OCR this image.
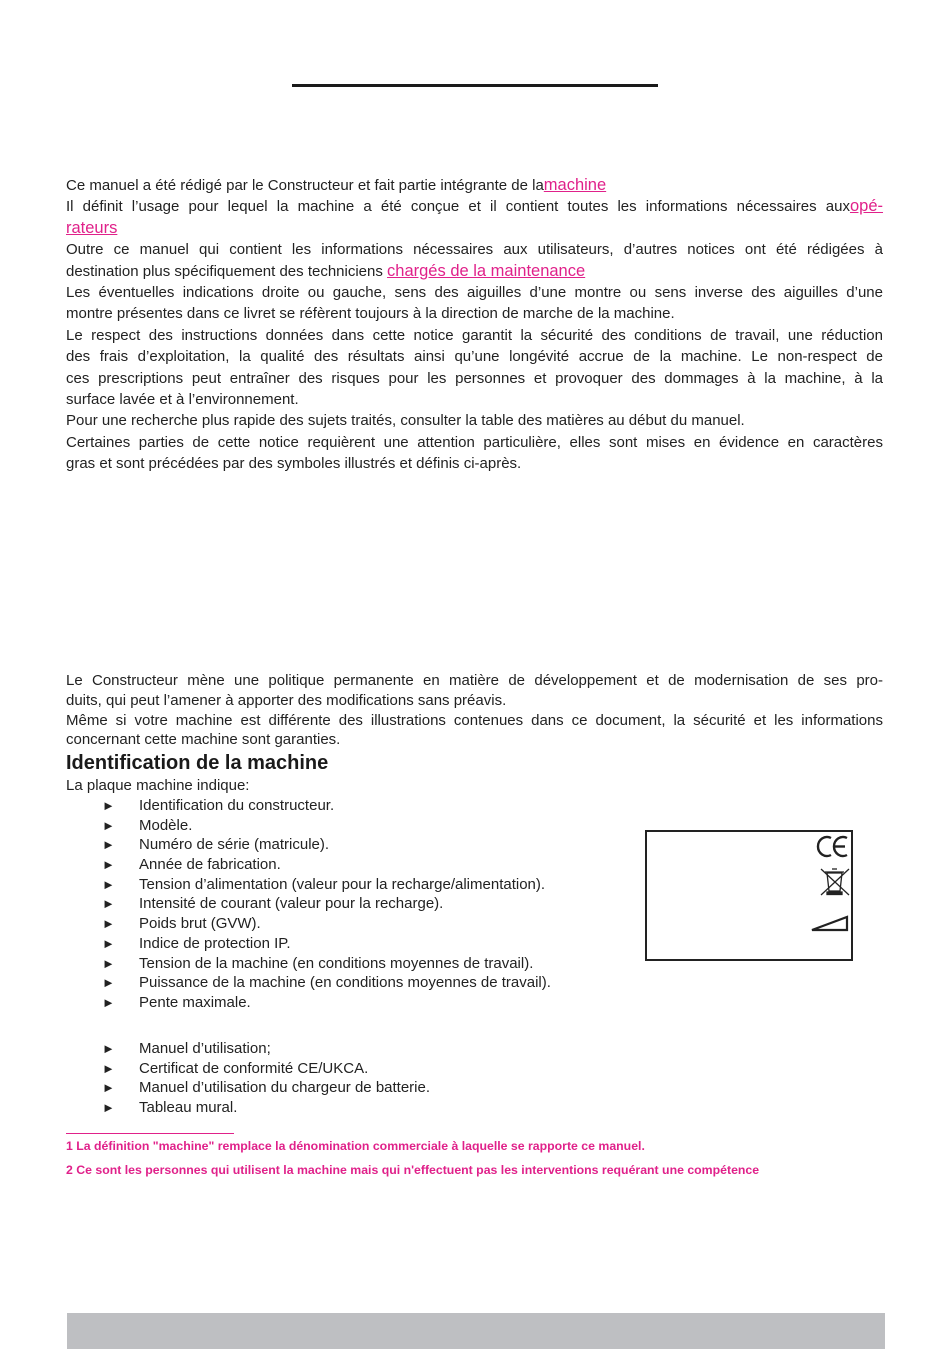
Ce manuel a été rédigé par le Constructeur et fait partie intégrante de lamachine
Il définit l’usage pour lequel la machine a été conçue et il contient toutes les informations nécessaires auxopé-
rateurs
Outre ce manuel qui contient les informations nécessaires aux utilisateurs, d’autres notices ont été rédigées à
destination plus spécifiquement des techniciens chargés de la maintenance
Les éventuelles indications droite ou gauche, sens des aiguilles d’une montre ou sens inverse des aiguilles d’une
montre présentes dans ce livret se réfèrent toujours à la direction de marche de la machine.
Le respect des instructions données dans cette notice garantit la sécurité des conditions de travail, une réduction
des frais d’exploitation, la qualité des résultats ainsi qu’une longévité accrue de la machine. Le non-respect de
ces prescriptions peut entraîner des risques pour les personnes et provoquer des dommages à la machine, à la
surface lavée et à l’environnement.
Pour une recherche plus rapide des sujets traités, consulter la table des matières au début du manuel.
Certaines parties de cette notice requièrent une attention particulière, elles sont mises en évidence en caractères
gras et sont précédées par des symboles illustrés et définis ci-après.
Le Constructeur mène une politique permanente en matière de développement et de modernisation de ses pro-
duits, qui peut l’amener à apporter des modifications sans préavis.
Même si votre machine est différente des illustrations contenues dans ce document, la sécurité et les informations
concernant cette machine sont garanties.
Identification de la machine

La plaque machine indique:

► Identification du constructeur.
► Modèle.
► Numéro de série (matricule).
► Année de fabrication.
► Tension d’alimentation (valeur pour la recharge/alimentation).
► Intensité de courant (valeur pour la recharge).
► Poids brut (GVW).
► Indice de protection IP.
► Tension de la machine (en conditions moyennes de travail).
► Puissance de la machine (en conditions moyennes de travail).
► Pente maximale.
► Manuel d’utilisation;
► Certificat de conformité CE/UKCA.
► Manuel d’utilisation du chargeur de batterie.
► Tableau mural.

1 La définition "machine" remplace la dénomination commerciale à laquelle se rapporte ce manuel.

2 Ce sont les personnes qui utilisent la machine mais qui n'effectuent pas les interventions requérant une compétence
